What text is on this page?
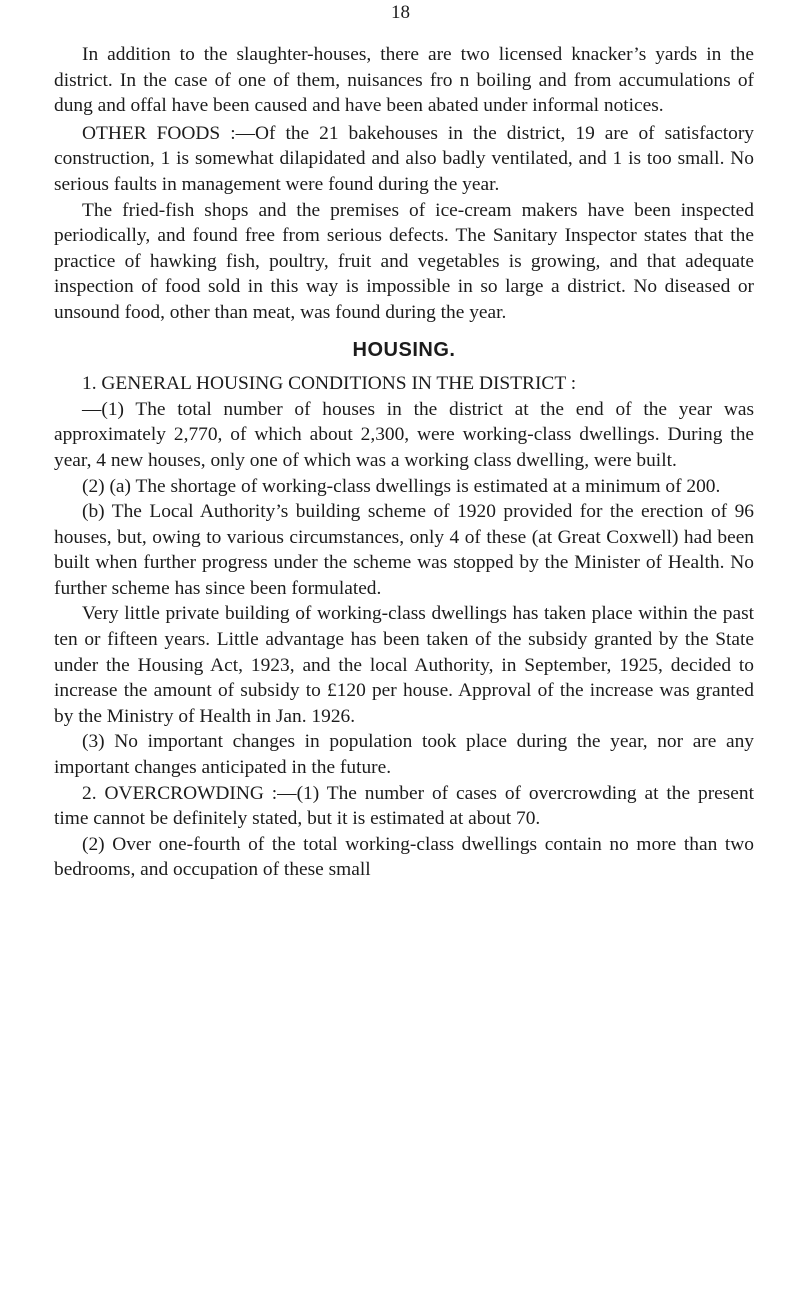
18

In addition to the slaughter-houses, there are two licensed knacker’s yards in the district. In the case of one of them, nuisances fro n boiling and from accumulations of dung and offal have been caused and have been abated under informal notices.

OTHER FOODS :—Of the 21 bakehouses in the district, 19 are of satisfactory construction, 1 is somewhat dilapidated and also badly ventilated, and 1 is too small. No serious faults in management were found during the year.

The fried-fish shops and the premises of ice-cream makers have been inspected periodically, and found free from serious defects. The Sanitary Inspector states that the practice of hawking fish, poultry, fruit and vegetables is growing, and that adequate inspection of food sold in this way is impossible in so large a district. No diseased or unsound food, other than meat, was found during the year.

HOUSING.

1. GENERAL HOUSING CONDITIONS IN THE DISTRICT :

—(1) The total number of houses in the district at the end of the year was approximately 2,770, of which about 2,300, were working-class dwellings. During the year, 4 new houses, only one of which was a working class dwelling, were built.

(2) (a) The shortage of working-class dwellings is estimated at a minimum of 200.

(b) The Local Authority’s building scheme of 1920 provided for the erection of 96 houses, but, owing to various circumstances, only 4 of these (at Great Coxwell) had been built when further progress under the scheme was stopped by the Minister of Health. No further scheme has since been formulated.

Very little private building of working-class dwellings has taken place within the past ten or fifteen years. Little advantage has been taken of the subsidy granted by the State under the Housing Act, 1923, and the local Authority, in September, 1925, decided to increase the amount of subsidy to £120 per house. Approval of the increase was granted by the Ministry of Health in Jan. 1926.

(3) No important changes in population took place during the year, nor are any important changes anticipated in the future.

2. OVERCROWDING :—(1) The number of cases of overcrowding at the present time cannot be definitely stated, but it is estimated at about 70.

(2) Over one-fourth of the total working-class dwellings contain no more than two bedrooms, and occupation of these small
